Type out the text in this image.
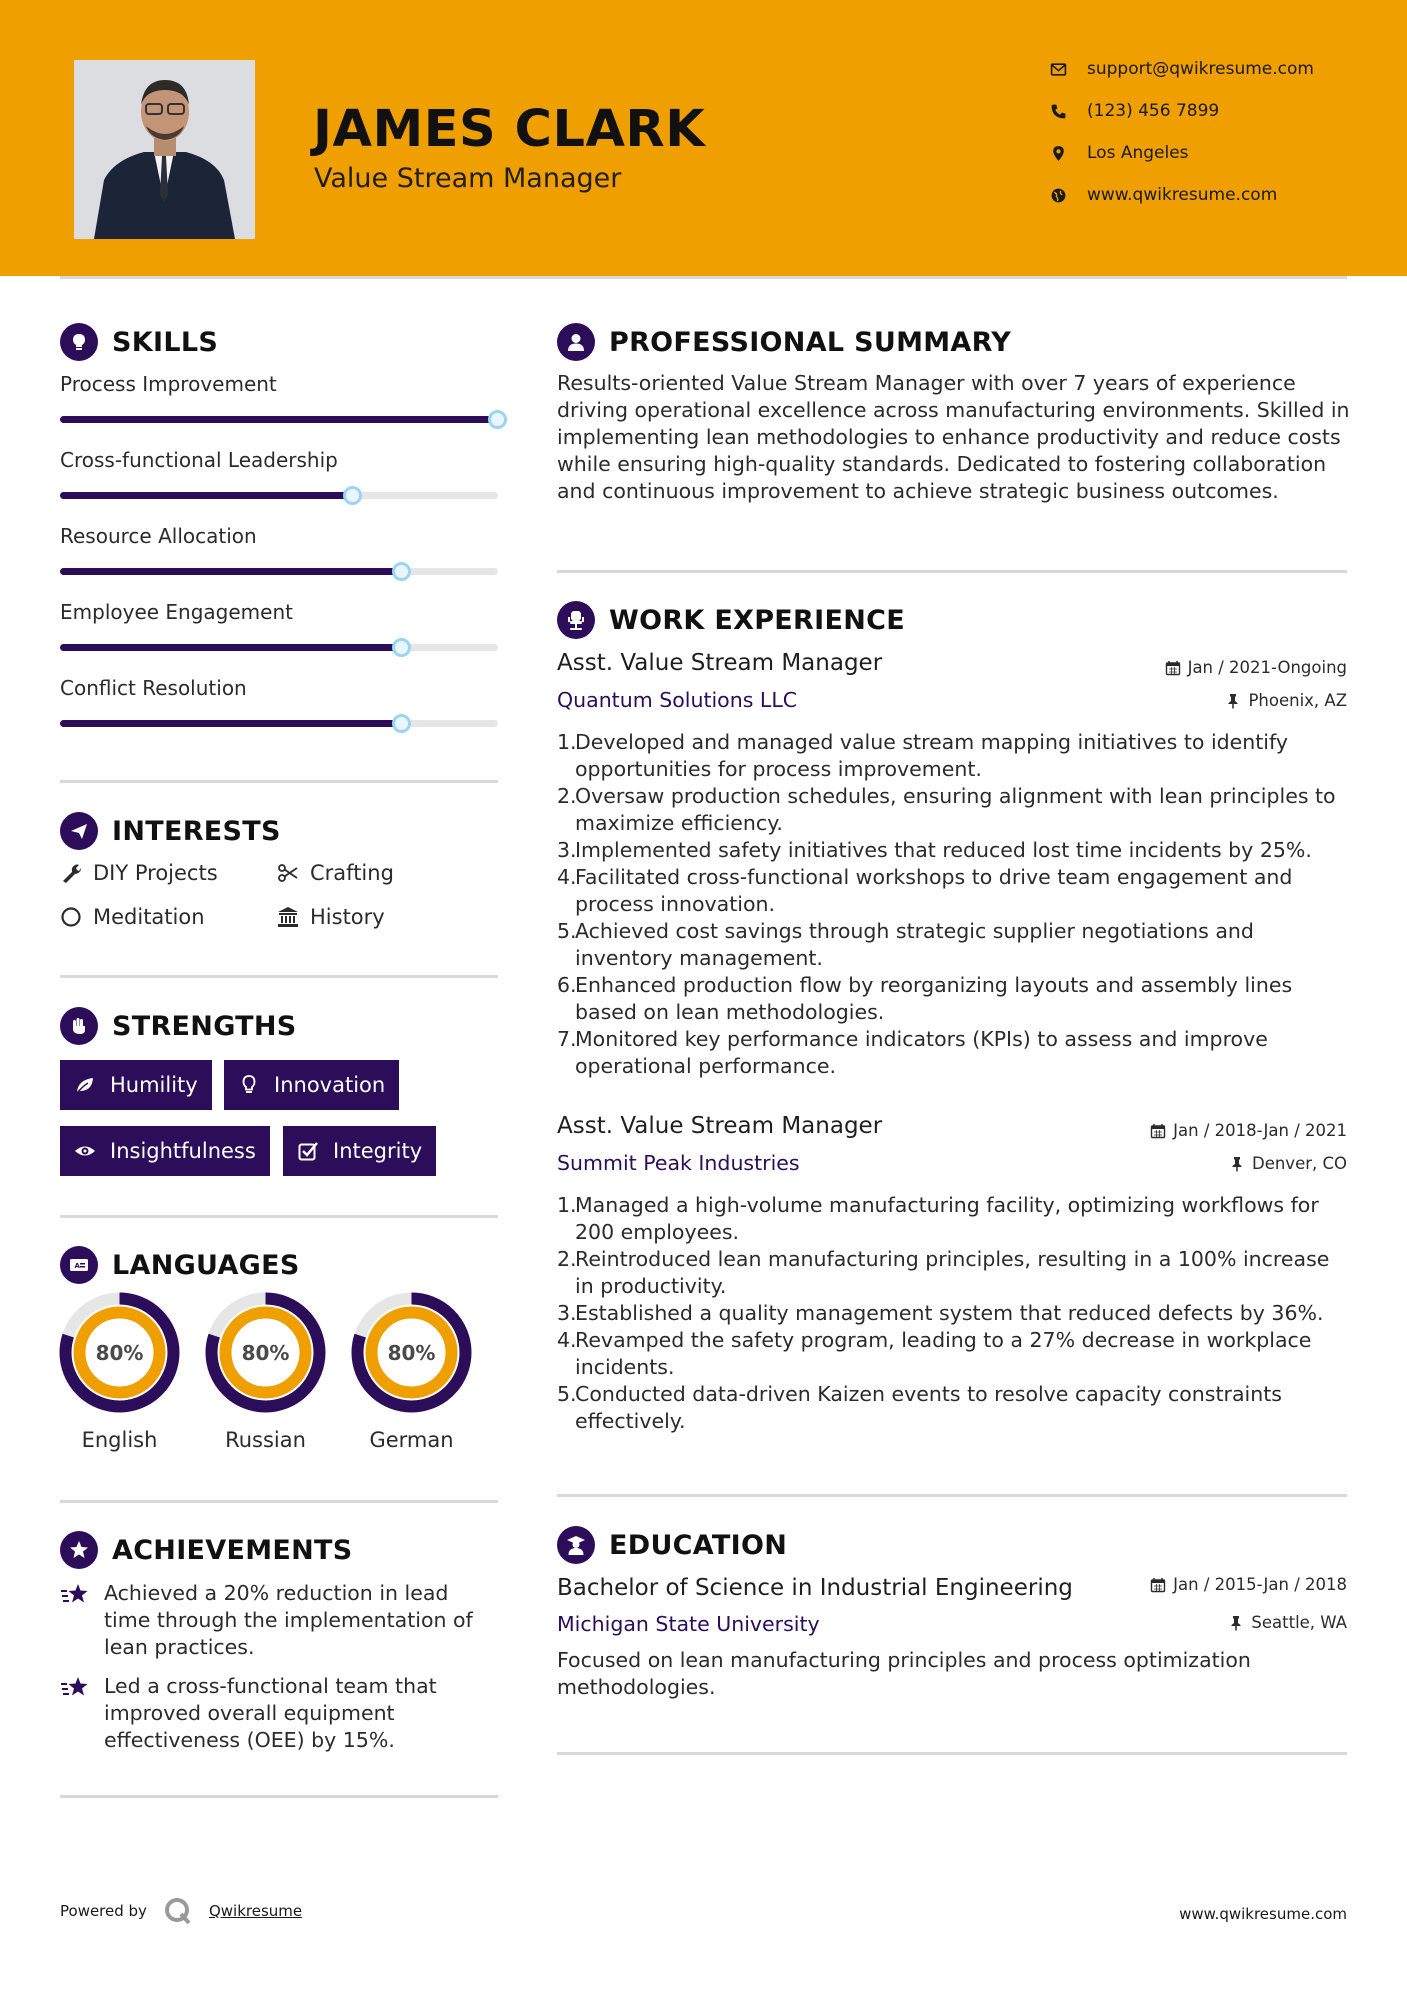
JAMES CLARK
Value Stream Manager
support@qwikresume.com
(123) 456 7899
Los Angeles
www.qwikresume.com
SKILLS
Process Improvement
Cross-functional Leadership
Resource Allocation
Employee Engagement
Conflict Resolution
INTERESTS
DIY Projects	Crafting
Meditation	History
STRENGTHS
Humility	Innovation
Insightfulness	Integrity
A LANGUAGES
80%
English
80%
Russian
80%
German
ACHIEVEMENTS
Achieved a 20% reduction in lead time through the implementation of lean practices.
Led a cross-functional team that improved overall equipment effectiveness (OEE) by 15%.
PROFESSIONAL SUMMARY
Results-oriented Value Stream Manager with over 7 years of experience driving operational excellence across manufacturing environments. Skilled in implementing lean methodologies to enhance productivity and reduce costs while ensuring high-quality standards. Dedicated to fostering collaboration and continuous improvement to achieve strategic business outcomes.
WORK EXPERIENCE
Asst. Value Stream Manager	Jan / 2021-Ongoing
Quantum Solutions LLC	Phoenix, AZ
1.
Developed and managed value stream mapping initiatives to identify opportunities for process improvement.
2.
Oversaw production schedules, ensuring alignment with lean principles to maximize efficiency.
3.
Implemented safety initiatives that reduced lost time incidents by 25%.
4.
Facilitated cross-functional workshops to drive team engagement and process innovation.
5.
Achieved cost savings through strategic supplier negotiations and inventory management.
6.
Enhanced production flow by reorganizing layouts and assembly lines based on lean methodologies.
7.
Monitored key performance indicators (KPIs) to assess and improve operational performance.
Asst. Value Stream Manager	Jan / 2018-Jan / 2021
Summit Peak Industries	Denver, CO
1.
Managed a high-volume manufacturing facility, optimizing workflows for 200 employees.
2.
Reintroduced lean manufacturing principles, resulting in a 100% increase in productivity.
3.
Established a quality management system that reduced defects by 36%.
4.
Revamped the safety program, leading to a 27% decrease in workplace incidents.
5.
Conducted data-driven Kaizen events to resolve capacity constraints effectively.
EDUCATION
Bachelor of Science in Industrial Engineering	Jan / 2015-Jan / 2018
Michigan State University	Seattle, WA
Focused on lean manufacturing principles and process optimization methodologies.
Powered by	Qwikresume	www.qwikresume.com
